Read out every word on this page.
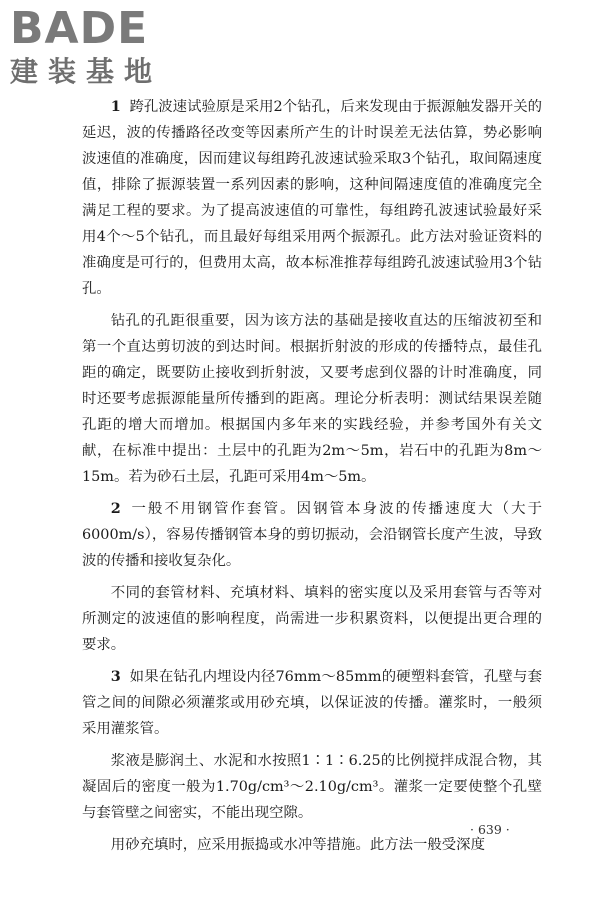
BADE
建装基地

1 跨孔波速试验原是采用2个钻孔，后来发现由于振源触发器开关的延迟，波的传播路径改变等因素所产生的计时误差无法估算，势必影响波速值的准确度，因而建议每组跨孔波速试验采取3个钻孔，取间隔速度值，排除了振源装置一系列因素的影响，这种间隔速度值的准确度完全满足工程的要求。为了提高波速值的可靠性，每组跨孔波速试验最好采用4个～5个钻孔，而且最好每组采用两个振源孔。此方法对验证资料的准确度是可行的，但费用太高，故本标准推荐每组跨孔波速试验用3个钻孔。

钻孔的孔距很重要，因为该方法的基础是接收直达的压缩波初至和第一个直达剪切波的到达时间。根据折射波的形成的传播特点，最佳孔距的确定，既要防止接收到折射波，又要考虑到仪器的计时准确度，同时还要考虑振源能量所传播到的距离。理论分析表明：测试结果误差随孔距的增大而增加。根据国内多年来的实践经验，并参考国外有关文献，在标准中提出：土层中的孔距为2m～5m，岩石中的孔距为8m～15m。若为砂石土层，孔距可采用4m～5m。

2 一般不用钢管作套管。因钢管本身波的传播速度大（大于6000m/s），容易传播钢管本身的剪切振动，会沿钢管长度产生波，导致波的传播和接收复杂化。

不同的套管材料、充填材料、填料的密实度以及采用套管与否等对所测定的波速值的影响程度，尚需进一步积累资料，以便提出更合理的要求。

3 如果在钻孔内埋设内径76mm～85mm的硬塑料套管，孔壁与套管之间的间隙必须灌浆或用砂充填，以保证波的传播。灌浆时，一般须采用灌浆管。

浆液是膨润土、水泥和水按照1∶1∶6.25的比例搅拌成混合物，其凝固后的密度一般为1.70g/cm³～2.10g/cm³。灌浆一定要使整个孔壁与套管壁之间密实，不能出现空隙。

用砂充填时，应采用振捣或水冲等措施。此方法一般受深度

· 639 ·
